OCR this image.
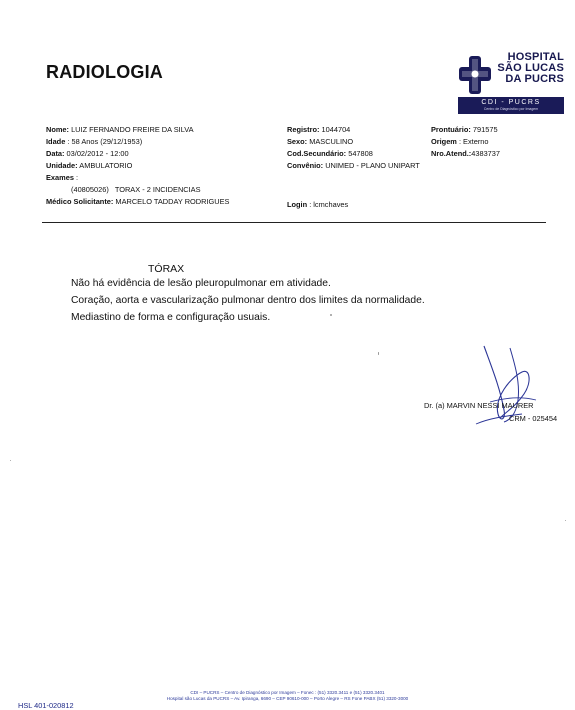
RADIOLOGIA
HOSPITAL
SÃO LUCAS
DA PUCRS
CDI - PUCRS
Centro de Diagnóstico por Imagem
Nome: LUIZ FERNANDO FREIRE DA SILVA
Idade : 58 Anos (29/12/1953)
Data: 03/02/2012 - 12:00
Unidade: AMBULATORIO
Exames :
(40805026) TORAX - 2 INCIDENCIAS
Médico Solicitante: MARCELO TADDAY RODRIGUES
Registro: 1044704
Sexo: MASCULINO
Cod.Secundário: 547808
Convênio: UNIMED - PLANO UNIPART
Login : lcmchaves
Prontuário: 791575
Origem : Externo
Nro.Atend.:4383737
TÓRAX
Não há evidência de lesão pleuropulmonar em atividade.
Coração, aorta e vascularização pulmonar dentro dos limites da normalidade.
Mediastino de forma e configuração usuais.
Dr. (a) MARVIN NESSI MAURER
CRM - 025454
CDI – PUCRS – Centro de Diagnóstico por Imagem – Fonec : (51) 3320.3411 e (51) 3320.3401
Hospital são Lucas da PUCRS – Av. Ipiranga, 6690 – CEP 90610-000 – Porto Alegre – RS Fone PABX (51) 3320-3000
HSL 401-020812
